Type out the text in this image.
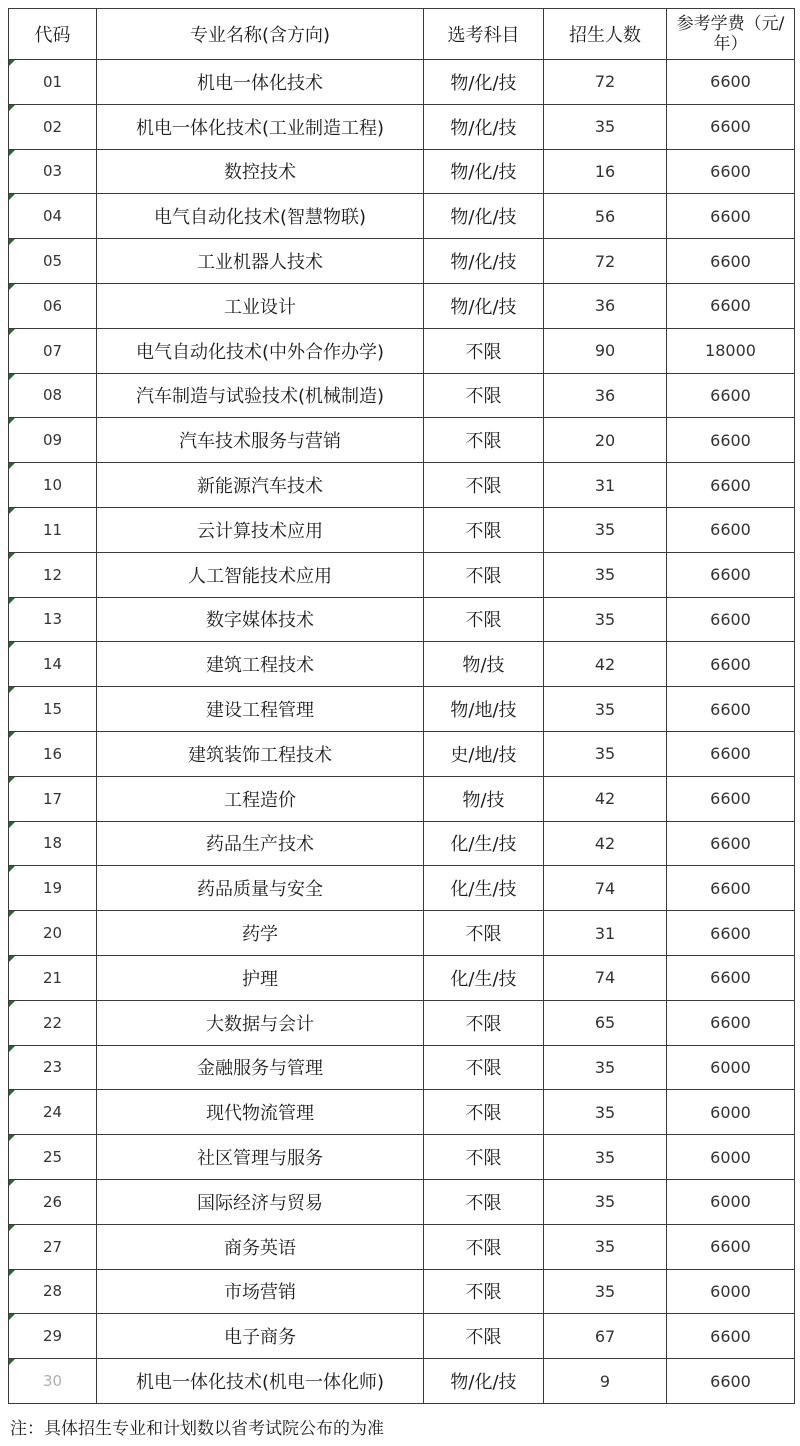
代码	专业名称(含方向)	选考科目	招生人数	参考学费（元/年）

01	机电一体化技术	物/化/技	72	6600

02	机电一体化技术(工业制造工程)	物/化/技	35	6600

03	数控技术	物/化/技	16	6600

04	电气自动化技术(智慧物联)	物/化/技	56	6600

05	工业机器人技术	物/化/技	72	6600

06	工业设计	物/化/技	36	6600

07	电气自动化技术(中外合作办学)	不限	90	18000

08	汽车制造与试验技术(机械制造)	不限	36	6600

09	汽车技术服务与营销	不限	20	6600

10	新能源汽车技术	不限	31	6600

11	云计算技术应用	不限	35	6600

12	人工智能技术应用	不限	35	6600

13	数字媒体技术	不限	35	6600

14	建筑工程技术	物/技	42	6600

15	建设工程管理	物/地/技	35	6600

16	建筑装饰工程技术	史/地/技	35	6600

17	工程造价	物/技	42	6600

18	药品生产技术	化/生/技	42	6600

19	药品质量与安全	化/生/技	74	6600

20	药学	不限	31	6600

21	护理	化/生/技	74	6600

22	大数据与会计	不限	65	6600

23	金融服务与管理	不限	35	6000

24	现代物流管理	不限	35	6000

25	社区管理与服务	不限	35	6000

26	国际经济与贸易	不限	35	6000

27	商务英语	不限	35	6600

28	市场营销	不限	35	6000

29	电子商务	不限	67	6600

30	机电一体化技术(机电一体化师)	物/化/技	9	6600
注：具体招生专业和计划数以省考试院公布的为准
